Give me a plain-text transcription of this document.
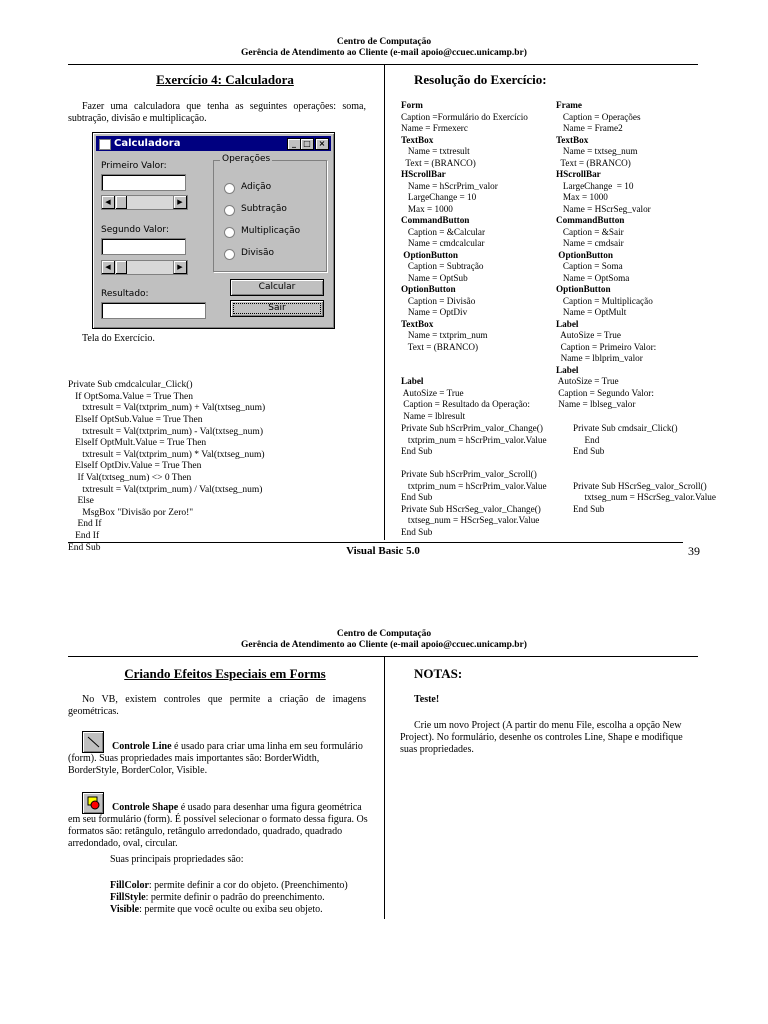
Centro de Computação
Gerência de Atendimento ao Cliente (e-mail apoio@ccuec.unicamp.br)
Exercício 4: Calculadora
Fazer uma calculadora que tenha as seguintes operações: soma, subtração, divisão e multiplicação.
Calculadora	_ □ ×
Primeiro Valor:
◀	▶
Segundo Valor:
◀	▶
Resultado:
Operações
Adição
Subtração
Multiplicação
Divisão
Calcular
Sair
Tela do Exercício.

Private Sub cmdcalcular_Click()
If OptSoma.Value = True Then
txtresult = Val(txtprim_num) + Val(txtseg_num)
ElseIf OptSub.Value = True Then
txtresult = Val(txtprim_num) - Val(txtseg_num)
ElseIf OptMult.Value = True Then
txtresult = Val(txtprim_num) * Val(txtseg_num)
ElseIf OptDiv.Value = True Then
If Val(txtseg_num) <> 0 Then
txtresult = Val(txtprim_num) / Val(txtseg_num)
Else
MsgBox "Divisão por Zero!"
End If
End If
End Sub

Resolução do Exercício:
Form
Caption =Formulário do Exercício
Name = Frmexerc
TextBox
Name = txtresult
Text = (BRANCO)
HScrollBar
Name = hScrPrim_valor
LargeChange = 10
Max = 1000
CommandButton
Caption = &Calcular
Name = cmdcalcular
OptionButton
Caption = Subtração
Name = OptSub
OptionButton
Caption = Divisão
Name = OptDiv
TextBox
Name = txtprim_num
Text = (BRANCO)

Label
AutoSize = True
Caption = Resultado da Operação:
Name = lblresult
Frame
Caption = Operações
Name = Frame2
TextBox
Name = txtseg_num
Text = (BRANCO)
HScrollBar
LargeChange  = 10
Max = 1000
Name = HScrSeg_valor
CommandButton
Caption = &Sair
Name = cmdsair
OptionButton
Caption = Soma
Name = OptSoma
OptionButton
Caption = Multiplicação
Name = OptMult
Label
AutoSize = True
Caption = Primeiro Valor:
Name = lblprim_valor
Label
AutoSize = True
Caption = Segundo Valor:
Name = lblseg_valor
Private Sub hScrPrim_valor_Change()
txtprim_num = hScrPrim_valor.Value
End Sub

Private Sub hScrPrim_valor_Scroll()
txtprim_num = hScrPrim_valor.Value
End Sub
Private Sub HScrSeg_valor_Change()
txtseg_num = HScrSeg_valor.Value
End Sub
Private Sub cmdsair_Click()
End
End Sub

Private Sub HScrSeg_valor_Scroll()
txtseg_num = HScrSeg_valor.Value
End Sub
Visual Basic 5.0	39
Centro de Computação
Gerência de Atendimento ao Cliente (e-mail apoio@ccuec.unicamp.br)
Criando Efeitos Especiais em Forms
No VB, existem controles que permite a criação de imagens geométricas.
Controle Line é usado para criar uma linha em seu formulário (form). Suas propriedades mais importantes são: BorderWidth, BorderStyle, BorderColor, Visible.
Controle Shape é usado para desenhar uma figura geométrica em seu formulário (form). É possível selecionar o formato dessa figura. Os formatos são: retângulo, retângulo arredondado, quadrado, quadrado arredondado, oval, circular.
Suas principais propriedades são:
FillColor: permite definir a cor do objeto. (Preenchimento)
FillStyle: permite definir o padrão do preenchimento.
Visible: permite que você oculte ou exiba seu objeto.
NOTAS:
Teste!
Crie um novo Project (A partir do menu File, escolha a opção New Project). No formulário, desenhe os controles Line, Shape e modifique suas propriedades.
